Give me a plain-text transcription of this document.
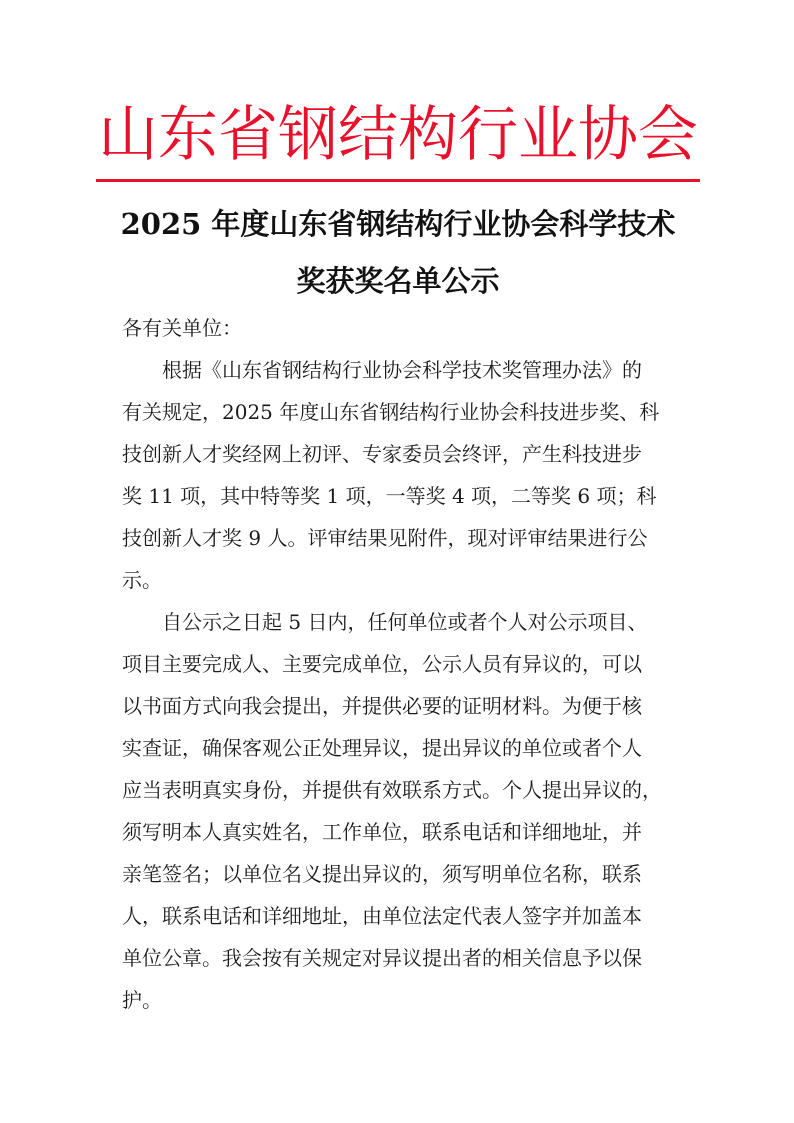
山东省钢结构行业协会
2025 年度山东省钢结构行业协会科学技术
奖获奖名单公示
各有关单位：
　　根据《山东省钢结构行业协会科学技术奖管理办法》的
有关规定，2025 年度山东省钢结构行业协会科技进步奖、科
技创新人才奖经网上初评、专家委员会终评，产生科技进步
奖 11 项，其中特等奖 1 项，一等奖 4 项，二等奖 6 项；科
技创新人才奖 9 人。评审结果见附件，现对评审结果进行公
示。
　　自公示之日起 5 日内，任何单位或者个人对公示项目、
项目主要完成人、主要完成单位，公示人员有异议的，可以
以书面方式向我会提出，并提供必要的证明材料。为便于核
实查证，确保客观公正处理异议，提出异议的单位或者个人
应当表明真实身份，并提供有效联系方式。个人提出异议的，
须写明本人真实姓名，工作单位，联系电话和详细地址，并
亲笔签名；以单位名义提出异议的，须写明单位名称，联系
人，联系电话和详细地址，由单位法定代表人签字并加盖本
单位公章。我会按有关规定对异议提出者的相关信息予以保
护。
